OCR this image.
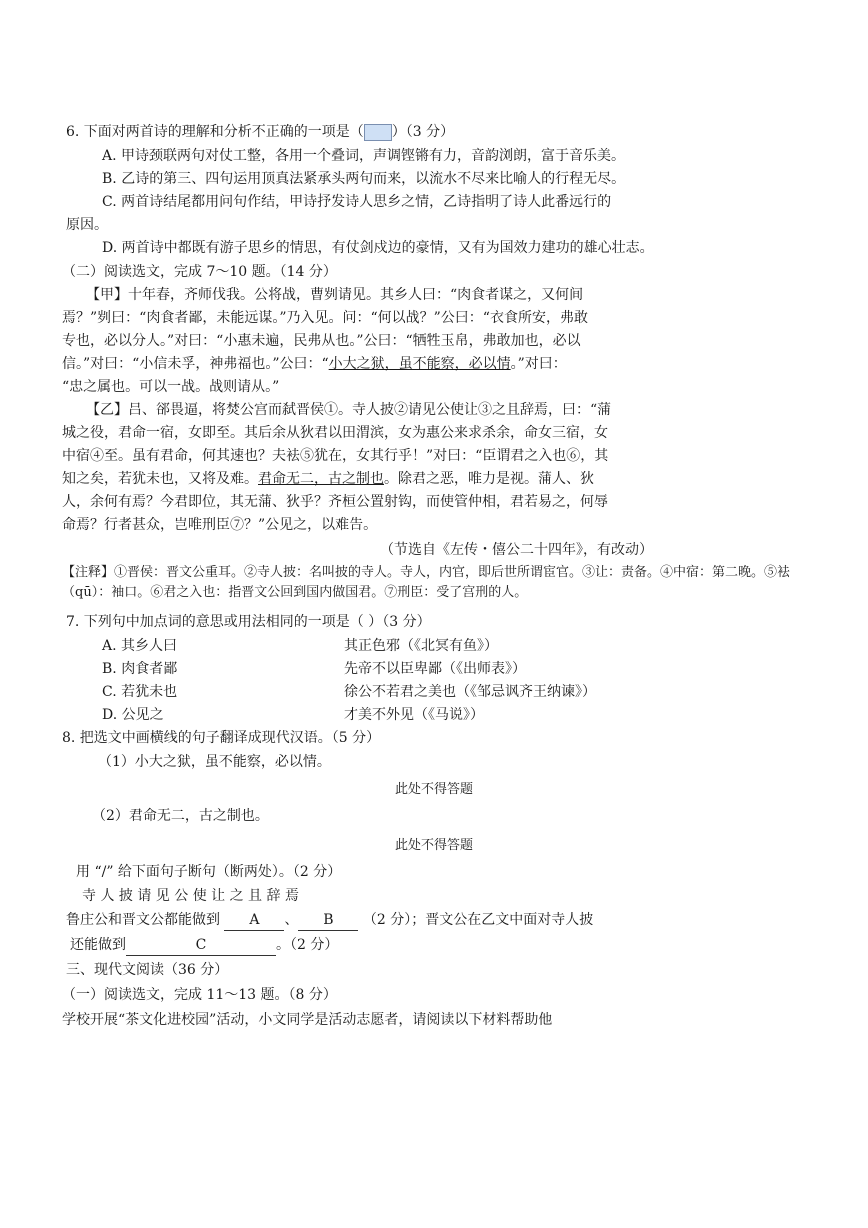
6. 下面对两首诗的理解和分析不正确的一项是（ ）（3 分）
A. 甲诗颈联两句对仗工整，各用一个叠词，声调铿锵有力，音韵浏朗，富于音乐美。
B. 乙诗的第三、四句运用顶真法紧承头两句而来，以流水不尽来比喻人的行程无尽。
C. 两首诗结尾都用问句作结，甲诗抒发诗人思乡之情，乙诗指明了诗人此番远行的
原因。
D. 两首诗中都既有游子思乡的情思，有仗剑戍边的豪情，又有为国效力建功的雄心壮志。
（二）阅读选文，完成 7～10 题。（14 分）
【甲】十年春，齐师伐我。公将战，曹刿请见。其乡人曰：“肉食者谋之，又何间
焉？”刿曰：“肉食者鄙，未能远谋。”乃入见。问：“何以战？”公曰：“衣食所安，弗敢
专也，必以分人。”对曰：“小惠未遍，民弗从也。”公曰：“牺牲玉帛，弗敢加也，必以
信。”对曰：“小信未孚，神弗福也。”公曰：“小大之狱，虽不能察，必以情。”对曰：
“忠之属也。可以一战。战则请从。”
【乙】吕、郤畏逼，将焚公宫而弑晋侯①。寺人披②请见公使让③之且辞焉，曰：“蒲
城之役，君命一宿，女即至。其后余从狄君以田渭滨，女为惠公来求杀余，命女三宿，女
中宿④至。虽有君命，何其速也？夫袪⑤犹在，女其行乎！”对曰：“臣谓君之入也⑥，其
知之矣，若犹未也，又将及难。君命无二，古之制也。除君之恶，唯力是视。蒲人、狄
人，余何有焉？今君即位，其无蒲、狄乎？齐桓公置射钩，而使管仲相，君若易之，何辱
命焉？行者甚众，岂唯刑臣⑦？”公见之，以难告。
（节选自《左传・僖公二十四年》，有改动）
【注释】①晋侯：晋文公重耳。②寺人披：名叫披的寺人。寺人，内官，即后世所谓宦官。③让：责备。④中宿：第二晚。⑤袪（qū）：袖口。⑥君之入也：指晋文公回到国内做国君。⑦刑臣：受了宫刑的人。
7. 下列句中加点词的意思或用法相同的一项是（ ）（3 分）
A. 其乡人曰	其正色邪（《北冥有鱼》）
B. 肉食者鄙	先帝不以臣卑鄙（《出师表》）
C. 若犹未也	徐公不若君之美也（《邹忌讽齐王纳谏》）
D. 公见之	才美不外见（《马说》）
8. 把选文中画横线的句子翻译成现代汉语。（5 分）
（1）小大之狱，虽不能察，必以情。
此处不得答题
（2）君命无二，古之制也。
此处不得答题
用 “/” 给下面句子断句（断两处）。（2 分）
寺 人 披 请 见 公 使 让 之 且 辞 焉
鲁庄公和晋文公都能做到 A 、 B （2 分）；晋文公在乙文中面对寺人披
还能做到	C	。（2 分）
三、现代文阅读（36 分）
（一）阅读选文，完成 11～13 题。（8 分）
学校开展“茶文化进校园”活动，小文同学是活动志愿者，请阅读以下材料帮助他
